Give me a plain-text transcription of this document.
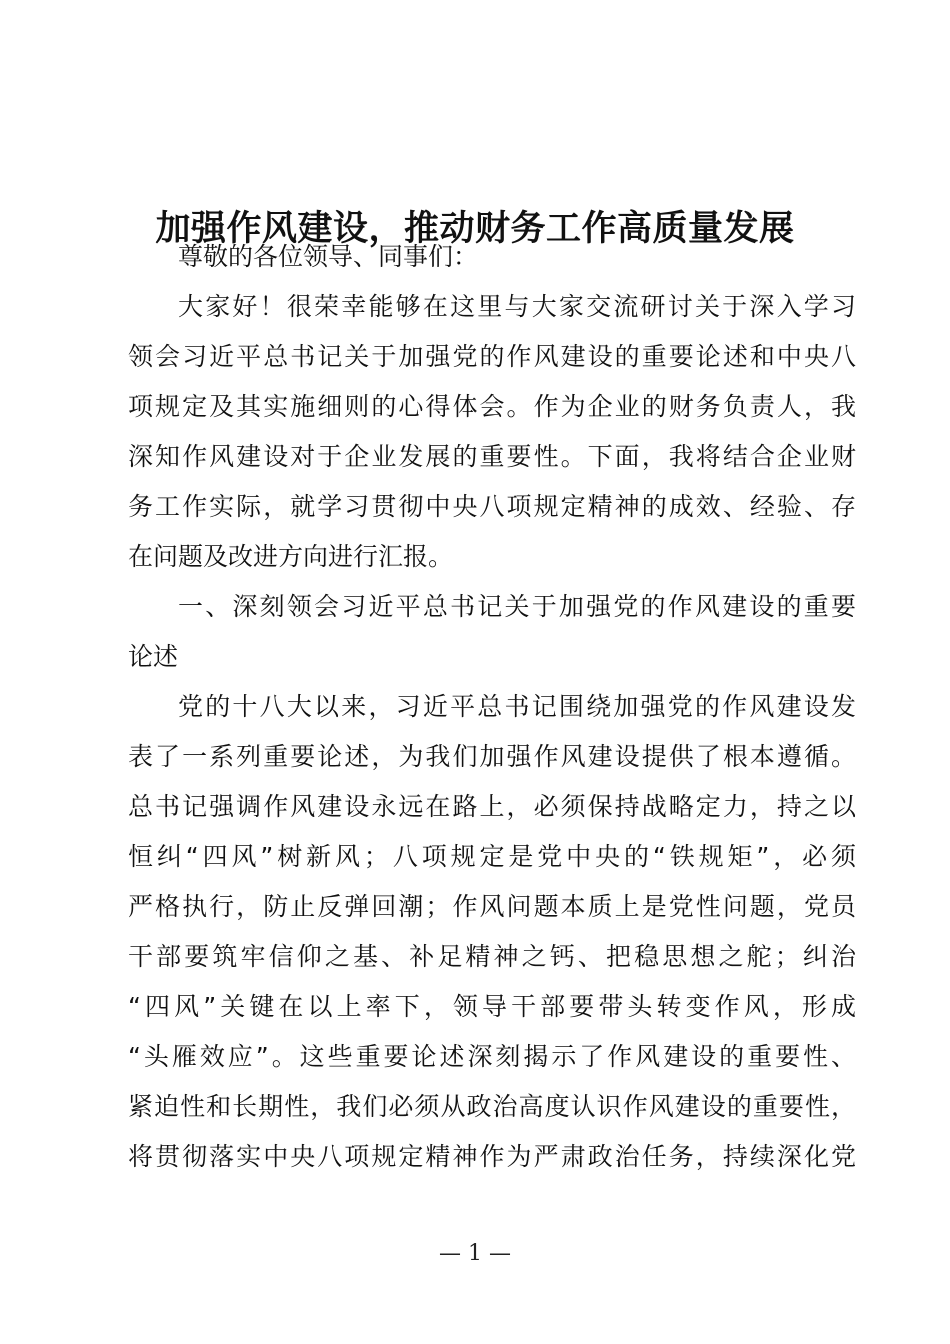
加强作风建设，推动财务工作高质量发展
尊敬的各位领导、同事们：

大家好！很荣幸能够在这里与大家交流研讨关于深入学习
领会习近平总书记关于加强党的作风建设的重要论述和中央八
项规定及其实施细则的心得体会。作为企业的财务负责人，我
深知作风建设对于企业发展的重要性。下面，我将结合企业财
务工作实际，就学习贯彻中央八项规定精神的成效、经验、存
在问题及改进方向进行汇报。

一、深刻领会习近平总书记关于加强党的作风建设的重要
论述

党的十八大以来，习近平总书记围绕加强党的作风建设发
表了一系列重要论述，为我们加强作风建设提供了根本遵循。
总书记强调作风建设永远在路上，必须保持战略定力，持之以
恒纠“四风”树新风；八项规定是党中央的“铁规矩”，必须
严格执行，防止反弹回潮；作风问题本质上是党性问题，党员
干部要筑牢信仰之基、补足精神之钙、把稳思想之舵；纠治
“四风”关键在以上率下，领导干部要带头转变作风，形成
“头雁效应”。这些重要论述深刻揭示了作风建设的重要性、
紧迫性和长期性，我们必须从政治高度认识作风建设的重要性，
将贯彻落实中央八项规定精神作为严肃政治任务，持续深化党

— 1 —
